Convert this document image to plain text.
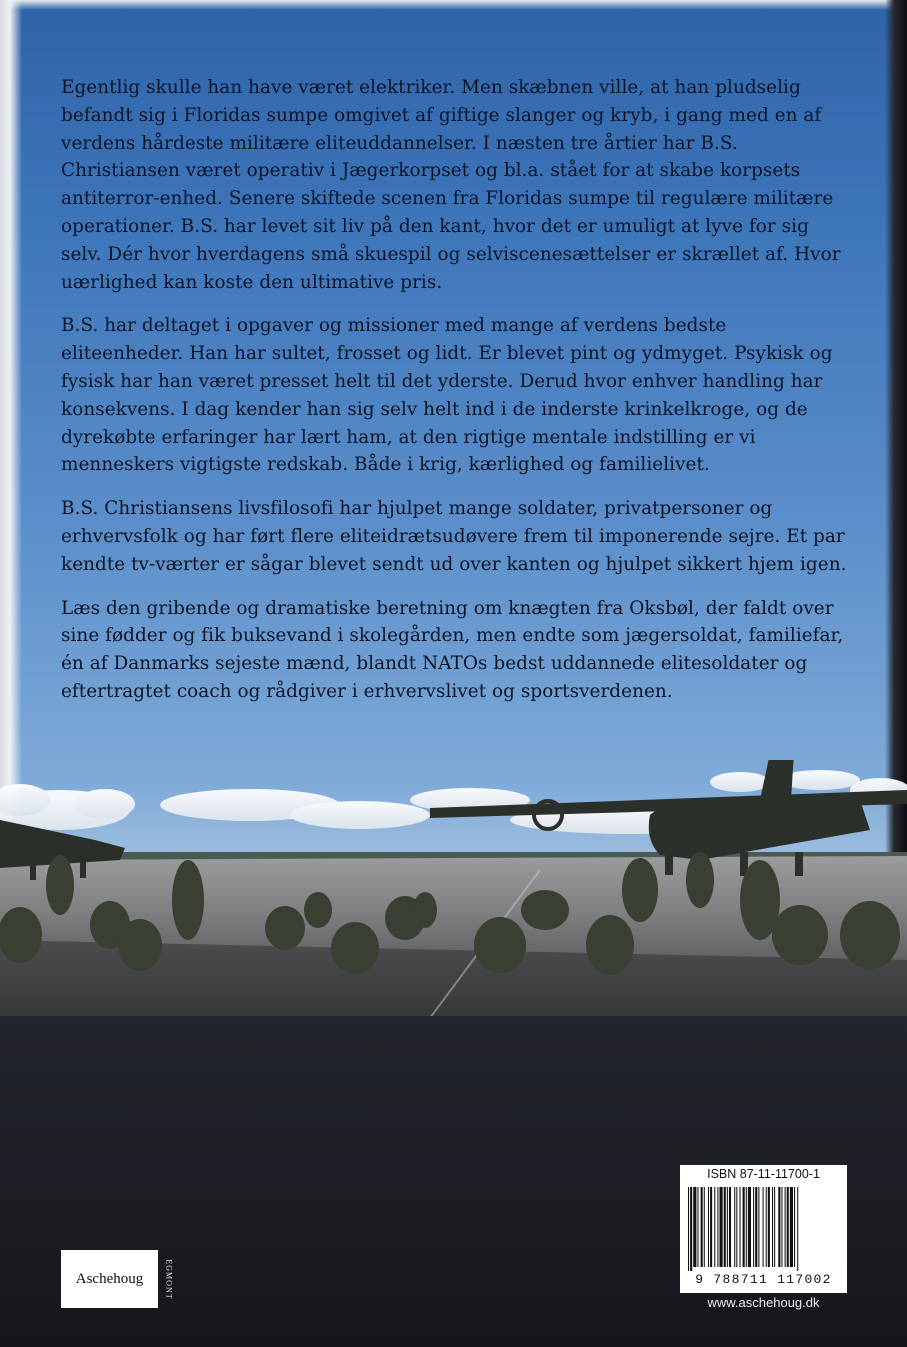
Egentlig skulle han have været elektriker. Men skæbnen ville, at han pludselig befandt sig i Floridas sumpe omgivet af giftige slanger og kryb, i gang med en af verdens hårdeste militære eliteuddannelser. I næsten tre årtier har B.S. Christiansen været operativ i Jægerkorpset og bl.a. stået for at skabe korpsets antiterror-enhed. Senere skiftede scenen fra Floridas sumpe til regulære militære operationer. B.S. har levet sit liv på den kant, hvor det er umuligt at lyve for sig selv. Dér hvor hverdagens små skuespil og selviscenesættelser er skrællet af. Hvor uærlighed kan koste den ultimative pris.

B.S. har deltaget i opgaver og missioner med mange af verdens bedste eliteenheder. Han har sultet, frosset og lidt. Er blevet pint og ydmyget. Psykisk og fysisk har han været presset helt til det yderste. Derud hvor enhver handling har konsekvens. I dag kender han sig selv helt ind i de inderste krinkelkroge, og de dyrekøbte erfaringer har lært ham, at den rigtige mentale indstilling er vi menneskers vigtigste redskab. Både i krig, kærlighed og familielivet.

B.S. Christiansens livsfilosofi har hjulpet mange soldater, privatpersoner og erhvervsfolk og har ført flere eliteidrætsudøvere frem til imponerende sejre. Et par kendte tv-værter er sågar blevet sendt ud over kanten og hjulpet sikkert hjem igen.

Læs den gribende og dramatiske beretning om knægten fra Oksbøl, der faldt over sine fødder og fik buksevand i skolegården, men endte som jægersoldat, familiefar, én af Danmarks sejeste mænd, blandt NATOs bedst uddannede elitesoldater og eftertragtet coach og rådgiver i erhvervslivet og sportsverdenen.

Aschehoug	EGMONT
ISBN 87-11-11700-1
9 788711 117002
www.aschehoug.dk
